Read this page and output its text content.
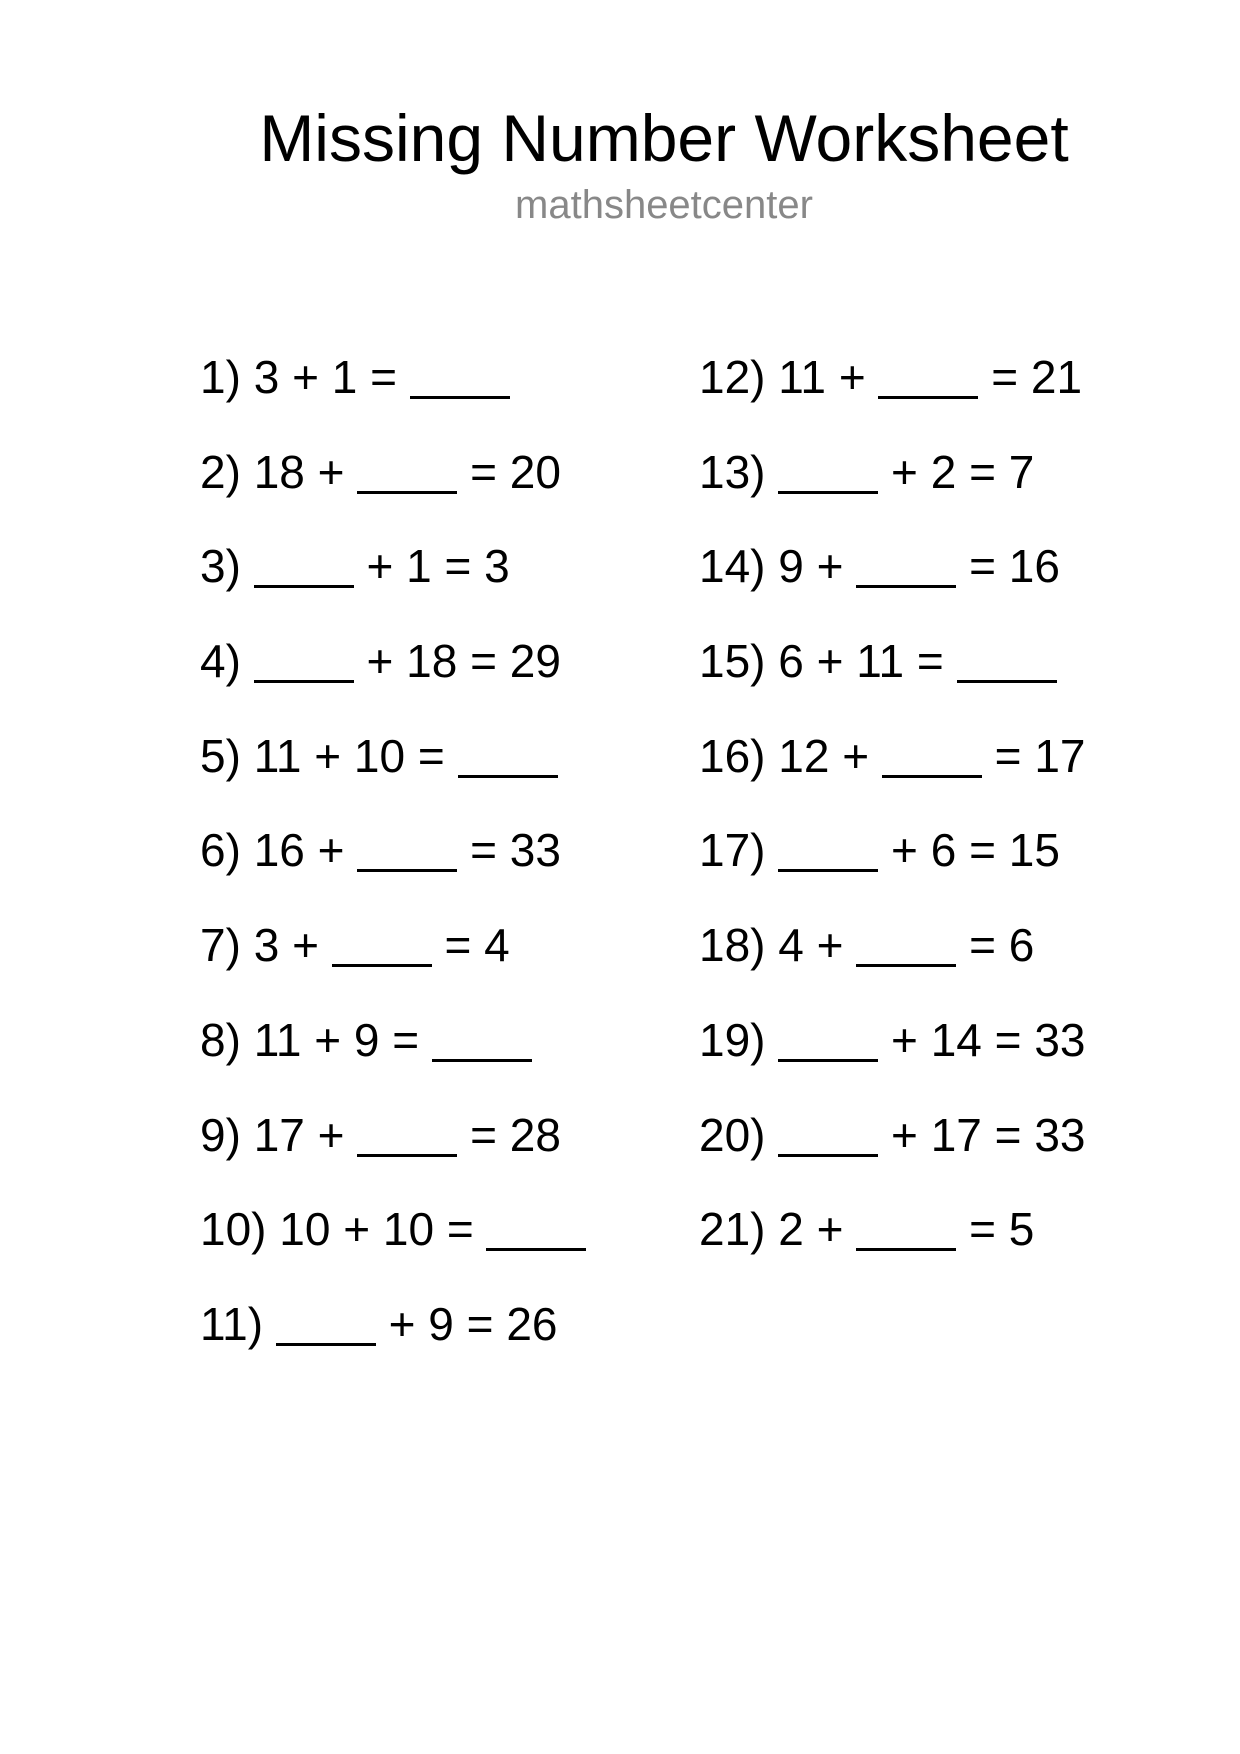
Missing Number Worksheet
mathsheetcenter
1) 3 + 1 =
2) 18 +	= 20
3)	+ 1 = 3
4)	+ 18 = 29
5) 11 + 10 =
6) 16 +	= 33
7) 3 +	= 4
8) 11 + 9 =
9) 17 +	= 28
10) 10 + 10 =
11)	+ 9 = 26
12) 11 +	= 21
13)	+ 2 = 7
14) 9 +	= 16
15) 6 + 11 =
16) 12 +	= 17
17)	+ 6 = 15
18) 4 +	= 6
19)	+ 14 = 33
20)	+ 17 = 33
21) 2 +	= 5
